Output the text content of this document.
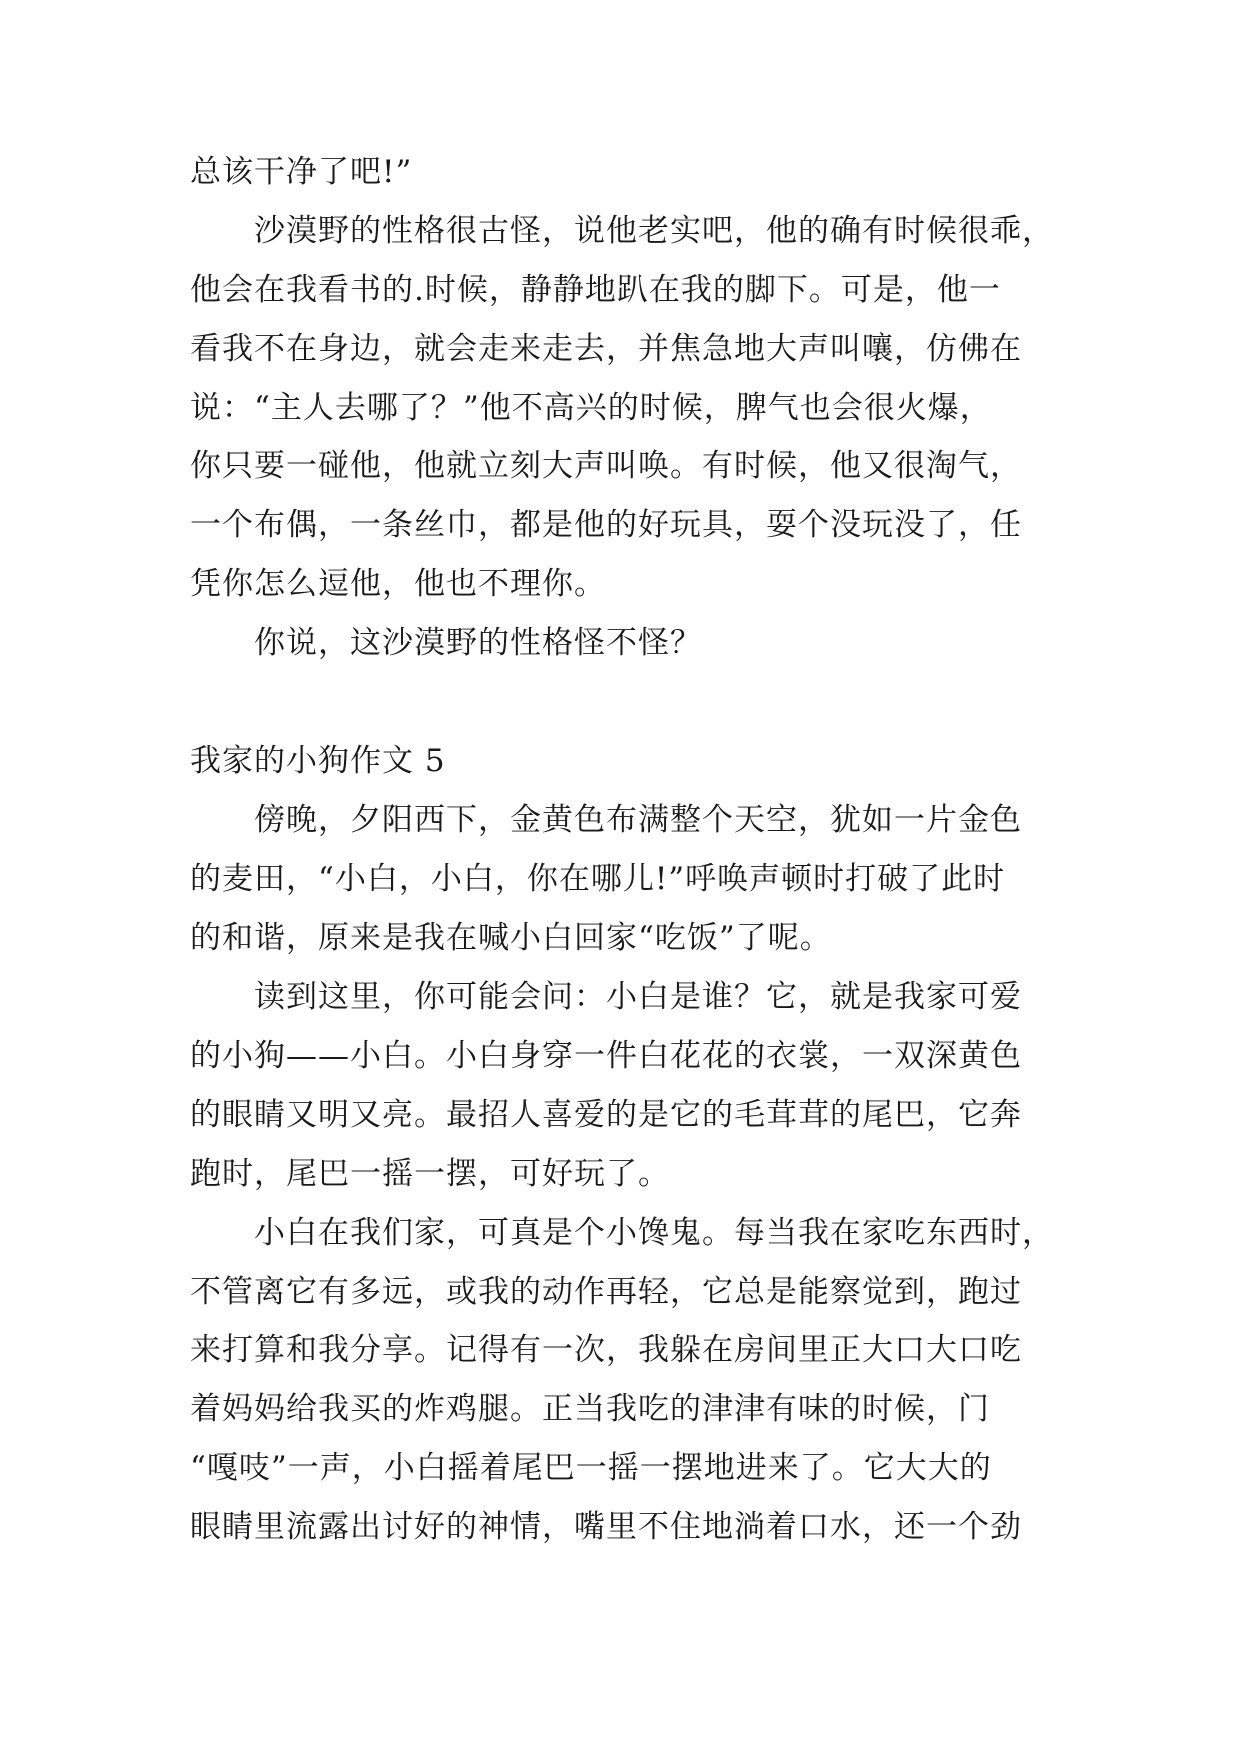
总该干净了吧!”
　　沙漠野的性格很古怪，说他老实吧，他的确有时候很乖，
他会在我看书的.时候，静静地趴在我的脚下。可是，他一
看我不在身边，就会走来走去，并焦急地大声叫嚷，仿佛在
说：“主人去哪了？”他不高兴的时候，脾气也会很火爆，
你只要一碰他，他就立刻大声叫唤。有时候，他又很淘气，
一个布偶，一条丝巾，都是他的好玩具，耍个没玩没了，任
凭你怎么逗他，他也不理你。
　　你说，这沙漠野的性格怪不怪？
我家的小狗作文 5
　　傍晚，夕阳西下，金黄色布满整个天空，犹如一片金色
的麦田，“小白，小白，你在哪儿!”呼唤声顿时打破了此时
的和谐，原来是我在喊小白回家“吃饭”了呢。
　　读到这里，你可能会问：小白是谁？它，就是我家可爱
的小狗——小白。小白身穿一件白花花的衣裳，一双深黄色
的眼睛又明又亮。最招人喜爱的是它的毛茸茸的尾巴，它奔
跑时，尾巴一摇一摆，可好玩了。
　　小白在我们家，可真是个小馋鬼。每当我在家吃东西时，
不管离它有多远，或我的动作再轻，它总是能察觉到，跑过
来打算和我分享。记得有一次，我躲在房间里正大口大口吃
着妈妈给我买的炸鸡腿。正当我吃的津津有味的时候，门
“嘎吱”一声，小白摇着尾巴一摇一摆地进来了。它大大的
眼睛里流露出讨好的神情，嘴里不住地淌着口水，还一个劲
